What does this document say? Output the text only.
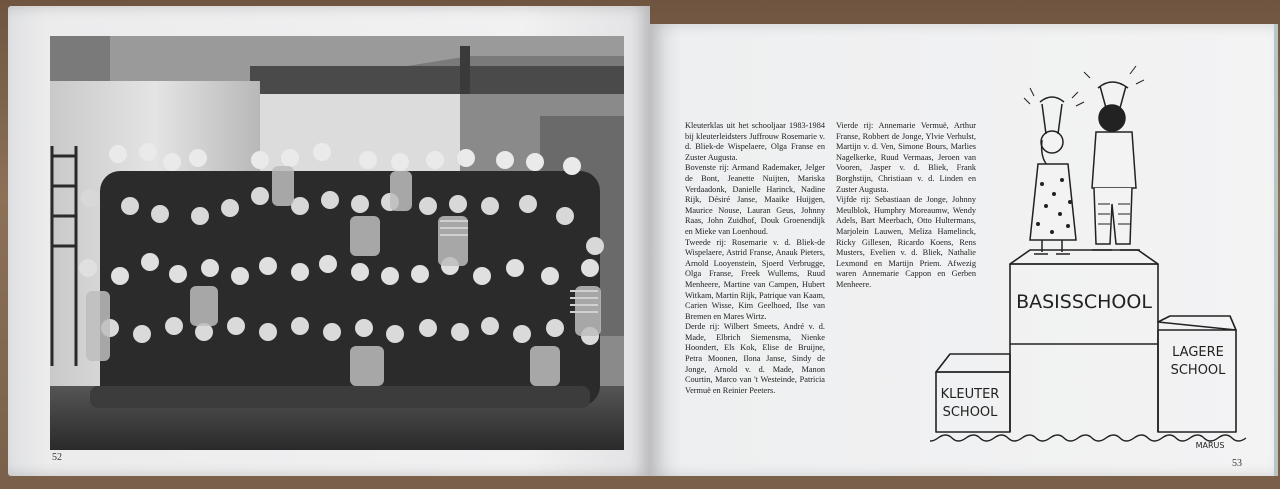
52

Kleuterklas uit het schooljaar 1983-1984 bij kleuterleidsters Juffrouw Rosemarie v. d. Bliek-de Wispelaere, Olga Franse en Zuster Augusta.

Bovenste rij: Armand Rademaker, Jelger de Bont, Jeanette Nuijten, Mariska Verdaadonk, Danielle Harinck, Nadine Rijk, Désiré Janse, Maaike Huijgen, Maurice Nouse, Lauran Geus, Johnny Raas, John Zuidhof, Douk Groenendijk en Mieke van Loenhoud.

Tweede rij: Rosemarie v. d. Bliek-de Wispelaere, Astrid Franse, Anauk Pieters, Arnold Looyenstein, Sjoerd Verbrugge, Olga Franse, Freek Wullems, Ruud Menheere, Martine van Campen, Hubert Witkam, Martin Rijk, Patrique van Kaam, Carien Wisse, Kim Geelhoed, Ilse van Bremen en Mares Wirtz.

Derde rij: Wilbert Smeets, André v. d. Made, Elbrich Siemensma, Nienke Hoondert, Els Kok, Elise de Bruijne, Petra Moonen, Ilona Janse, Sindy de Jonge, Arnold v. d. Made, Manon Courtin, Marco van 't Westeinde, Patricia Vermuë en Reinier Peeters.

Vierde rij: Annemarie Vermuë, Arthur Franse, Robbert de Jonge, Ylvie Verhulst, Martijn v. d. Ven, Simone Bours, Marlies Nagelkerke, Ruud Vermaas, Jeroen van Vooren, Jasper v. d. Bliek, Frank Borghstijn, Christiaan v. d. Linden en Zuster Augusta.

Vijfde rij: Sebastiaan de Jonge, Johnny Meulblok, Humphry Moreaumw, Wendy Adels, Bart Meerbach, Otto Hultermans, Marjolein Lauwen, Meliza Hamelinck, Ricky Gillesen, Ricardo Koens, Rens Musters, Evelien v. d. Bliek, Nathalie Lexmond en Martijn Priem. Afwezig waren Annemarie Cappon en Gerben Menheere.

BASISSCHOOL
KLEUTER
SCHOOL
LAGERE
SCHOOL
MARUS
53
